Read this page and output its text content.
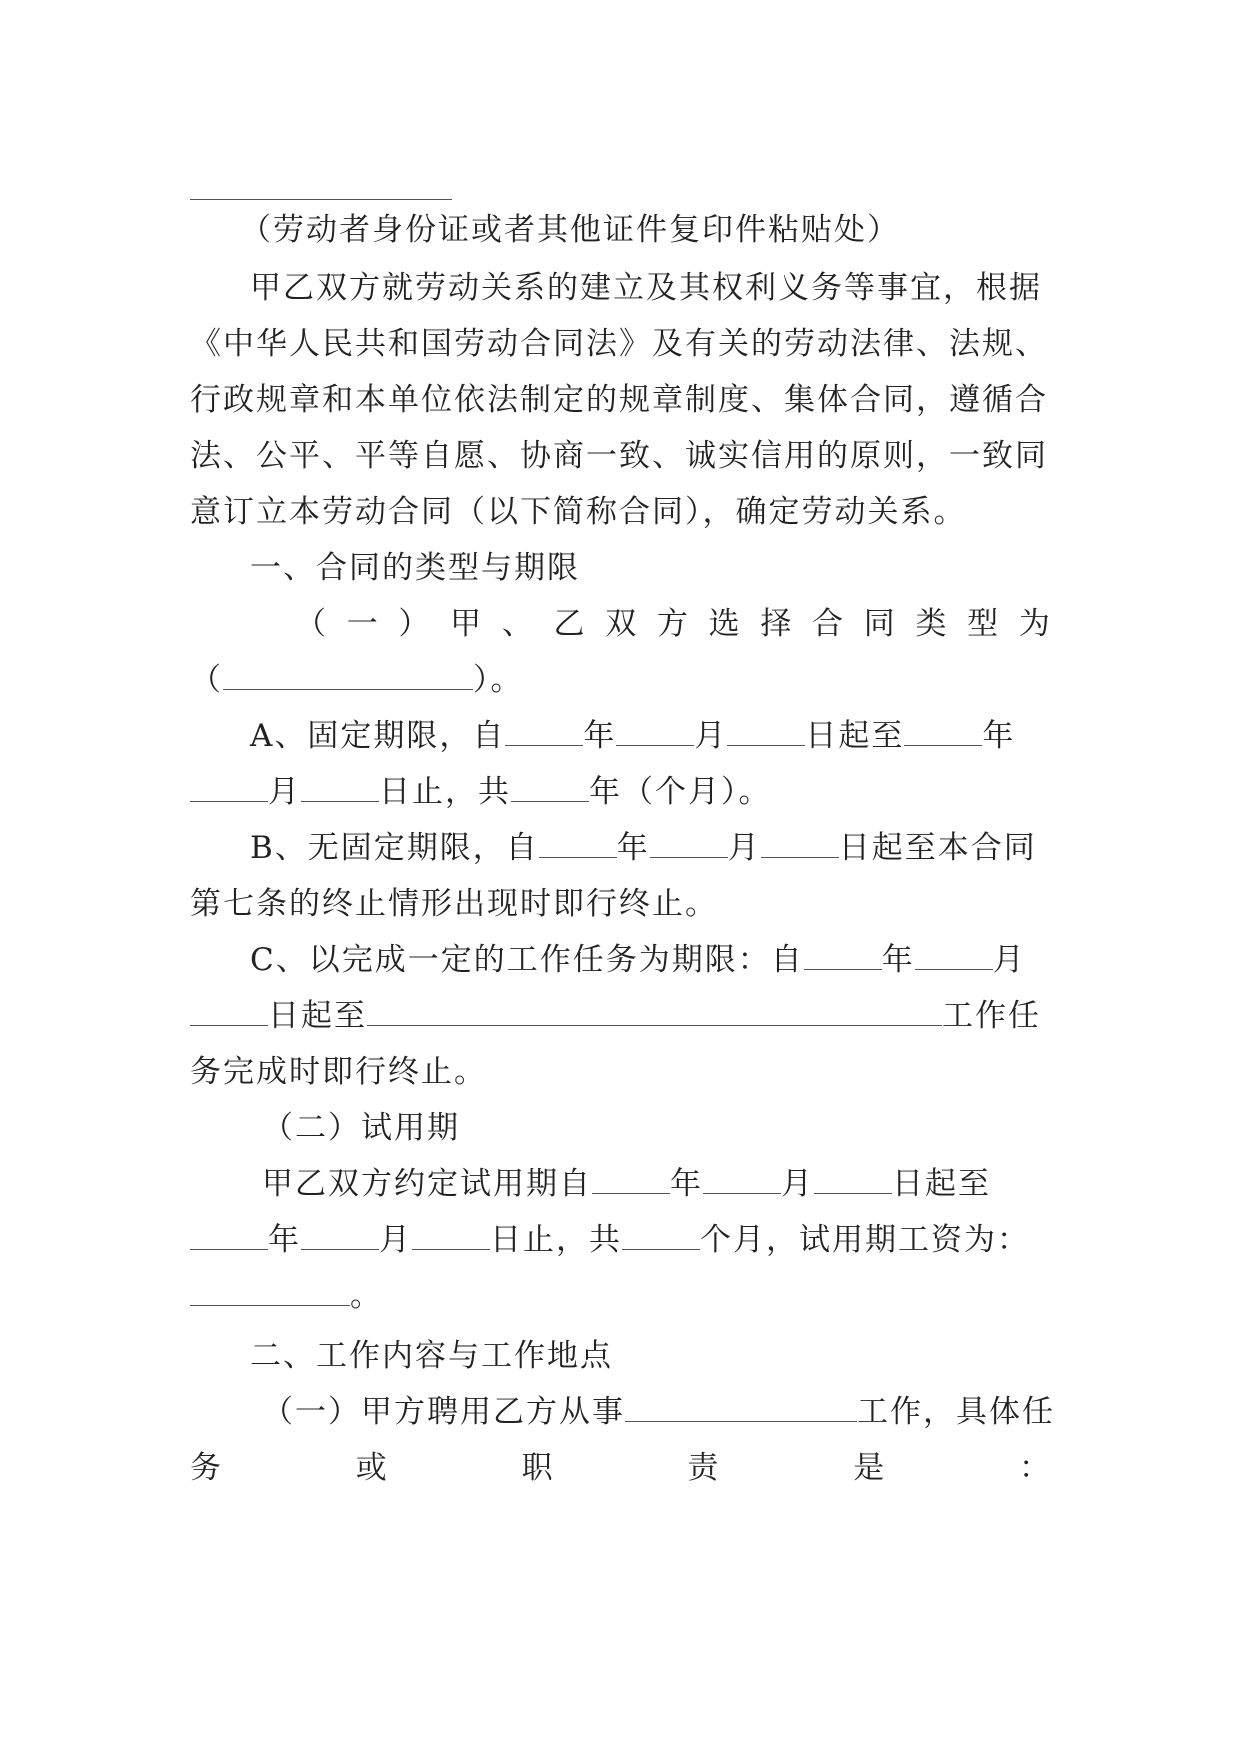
（劳动者身份证或者其他证件复印件粘贴处）
甲乙双方就劳动关系的建立及其权利义务等事宜，根据
《中华人民共和国劳动合同法》及有关的劳动法律、法规、
行政规章和本单位依法制定的规章制度、集体合同，遵循合
法、公平、平等自愿、协商一致、诚实信用的原则，一致同
意订立本劳动合同（以下简称合同），确定劳动关系。
一、合同的类型与期限
（ 一 ） 甲 、 乙 双 方 选 择 合 同 类 型 为
（	）。
A、固定期限，自	年	月	日起至	年
月	日止，共	年（个月）。
B、无固定期限，自	年	月	日起至本合同
第七条的终止情形出现时即行终止。
C、以完成一定的工作任务为期限：自	年	月
日起至	工作任
务完成时即行终止。
（二）试用期
甲乙双方约定试用期自	年	月	日起至
年	月	日止，共	个月，试用期工资为：
。
二、工作内容与工作地点
（一）甲方聘用乙方从事	工作，具体任
务	或	职	责	是	：
